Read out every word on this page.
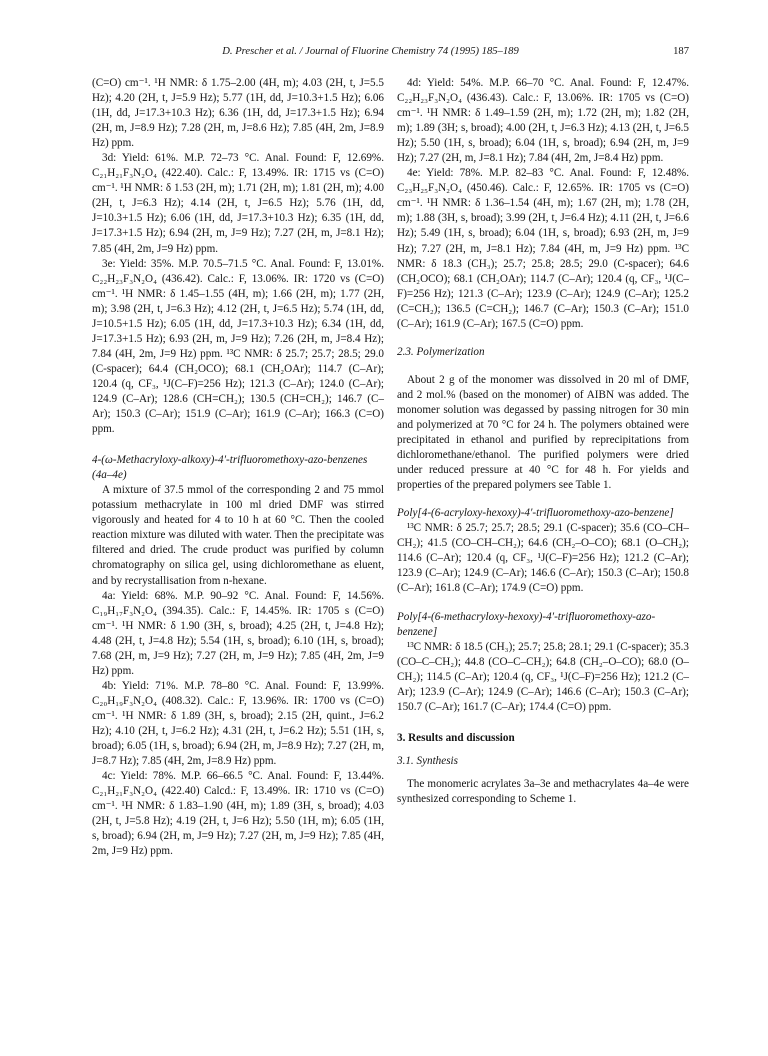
D. Prescher et al. / Journal of Fluorine Chemistry 74 (1995) 185–189	187

(C=O) cm⁻¹. ¹H NMR: δ 1.75–2.00 (4H, m); 4.03 (2H, t, J=5.5 Hz); 4.20 (2H, t, J=5.9 Hz); 5.77 (1H, dd, J=10.3+1.5 Hz); 6.06 (1H, dd, J=17.3+10.3 Hz); 6.36 (1H, dd, J=17.3+1.5 Hz); 6.94 (2H, m, J=8.9 Hz); 7.28 (2H, m, J=8.6 Hz); 7.85 (4H, 2m, J=8.9 Hz) ppm.

3d: Yield: 61%. M.P. 72–73 °C. Anal. Found: F, 12.69%. C₂₁H₂₁F₃N₂O₄ (422.40). Calc.: F, 13.49%. IR: 1715 vs (C=O) cm⁻¹. ¹H NMR: δ 1.53 (2H, m); 1.71 (2H, m); 1.81 (2H, m); 4.00 (2H, t, J=6.3 Hz); 4.14 (2H, t, J=6.5 Hz); 5.76 (1H, dd, J=10.3+1.5 Hz); 6.06 (1H, dd, J=17.3+10.3 Hz); 6.35 (1H, dd, J=17.3+1.5 Hz); 6.94 (2H, m, J=9 Hz); 7.27 (2H, m, J=8.1 Hz); 7.85 (4H, 2m, J=9 Hz) ppm.

3e: Yield: 35%. M.P. 70.5–71.5 °C. Anal. Found: F, 13.01%. C₂₂H₂₃F₃N₂O₄ (436.42). Calc.: F, 13.06%. IR: 1720 vs (C=O) cm⁻¹. ¹H NMR: δ 1.45–1.55 (4H, m); 1.66 (2H, m); 1.77 (2H, m); 3.98 (2H, t, J=6.3 Hz); 4.12 (2H, t, J=6.5 Hz); 5.74 (1H, dd, J=10.5+1.5 Hz); 6.05 (1H, dd, J=17.3+10.3 Hz); 6.34 (1H, dd, J=17.3+1.5 Hz); 6.93 (2H, m, J=9 Hz); 7.26 (2H, m, J=8.4 Hz); 7.84 (4H, 2m, J=9 Hz) ppm. ¹³C NMR: δ 25.7; 25.7; 28.5; 29.0 (C-spacer); 64.4 (CH₂OCO); 68.1 (CH₂OAr); 114.7 (C–Ar); 120.4 (q, CF₃, ¹J(C–F)=256 Hz); 121.3 (C–Ar); 124.0 (C–Ar); 124.9 (C–Ar); 128.6 (CH=CH₂); 130.5 (CH=CH₂); 146.7 (C–Ar); 150.3 (C–Ar); 151.9 (C–Ar); 161.9 (C–Ar); 166.3 (C=O) ppm.

4-(ω-Methacryloxy-alkoxy)-4′-trifluoromethoxy-azo-benzenes (4a–4e)

A mixture of 37.5 mmol of the corresponding 2 and 75 mmol potassium methacrylate in 100 ml dried DMF was stirred vigorously and heated for 4 to 10 h at 60 °C. Then the cooled reaction mixture was diluted with water. Then the precipitate was filtered and dried. The crude product was purified by column chromatography on silica gel, using dichloromethane as eluent, and by recrystallisation from n-hexane.

4a: Yield: 68%. M.P. 90–92 °C. Anal. Found: F, 14.56%. C₁₉H₁₇F₃N₂O₄ (394.35). Calc.: F, 14.45%. IR: 1705 s (C=O) cm⁻¹. ¹H NMR: δ 1.90 (3H, s, broad); 4.25 (2H, t, J=4.8 Hz); 4.48 (2H, t, J=4.8 Hz); 5.54 (1H, s, broad); 6.10 (1H, s, broad); 7.68 (2H, m, J=9 Hz); 7.27 (2H, m, J=9 Hz); 7.85 (4H, 2m, J=9 Hz) ppm.

4b: Yield: 71%. M.P. 78–80 °C. Anal. Found: F, 13.99%. C₂₀H₁₉F₃N₂O₄ (408.32). Calc.: F, 13.96%. IR: 1700 vs (C=O) cm⁻¹. ¹H NMR: δ 1.89 (3H, s, broad); 2.15 (2H, quint., J=6.2 Hz); 4.10 (2H, t, J=6.2 Hz); 4.31 (2H, t, J=6.2 Hz); 5.51 (1H, s, broad); 6.05 (1H, s, broad); 6.94 (2H, m, J=8.9 Hz); 7.27 (2H, m, J=8.7 Hz); 7.85 (4H, 2m, J=8.9 Hz) ppm.

4c: Yield: 78%. M.P. 66–66.5 °C. Anal. Found: F, 13.44%. C₂₁H₂₁F₃N₂O₄ (422.40) Calcd.: F, 13.49%. IR: 1710 vs (C=O) cm⁻¹. ¹H NMR: δ 1.83–1.90 (4H, m); 1.89 (3H, s, broad); 4.03 (2H, t, J=5.8 Hz); 4.19 (2H, t, J=6 Hz); 5.50 (1H, m); 6.05 (1H, s, broad); 6.94 (2H, m, J=9 Hz); 7.27 (2H, m, J=9 Hz); 7.85 (4H, 2m, J=9 Hz) ppm.

4d: Yield: 54%. M.P. 66–70 °C. Anal. Found: F, 12.47%. C₂₂H₂₃F₃N₂O₄ (436.43). Calc.: F, 13.06%. IR: 1705 vs (C=O) cm⁻¹. ¹H NMR: δ 1.49–1.59 (2H, m); 1.72 (2H, m); 1.82 (2H, m); 1.89 (3H; s, broad); 4.00 (2H, t, J=6.3 Hz); 4.13 (2H, t, J=6.5 Hz); 5.50 (1H, s, broad); 6.04 (1H, s, broad); 6.94 (2H, m, J=9 Hz); 7.27 (2H, m, J=8.1 Hz); 7.84 (4H, 2m, J=8.4 Hz) ppm.

4e: Yield: 78%. M.P. 82–83 °C. Anal. Found: F, 12.48%. C₂₃H₂₅F₃N₂O₄ (450.46). Calc.: F, 12.65%. IR: 1705 vs (C=O) cm⁻¹. ¹H NMR: δ 1.36–1.54 (4H, m); 1.67 (2H, m); 1.78 (2H, m); 1.88 (3H, s, broad); 3.99 (2H, t, J=6.4 Hz); 4.11 (2H, t, J=6.6 Hz); 5.49 (1H, s, broad); 6.04 (1H, s, broad); 6.93 (2H, m, J=9 Hz); 7.27 (2H, m, J=8.1 Hz); 7.84 (4H, m, J=9 Hz) ppm. ¹³C NMR: δ 18.3 (CH₃); 25.7; 25.8; 28.5; 29.0 (C-spacer); 64.6 (CH₂OCO); 68.1 (CH₂OAr); 114.7 (C–Ar); 120.4 (q, CF₃, ¹J(C–F)=256 Hz); 121.3 (C–Ar); 123.9 (C–Ar); 124.9 (C–Ar); 125.2 (C=CH₂); 136.5 (C=CH₂); 146.7 (C–Ar); 150.3 (C–Ar); 151.0 (C–Ar); 161.9 (C–Ar); 167.5 (C=O) ppm.

2.3. Polymerization

About 2 g of the monomer was dissolved in 20 ml of DMF, and 2 mol.% (based on the monomer) of AIBN was added. The monomer solution was degassed by passing nitrogen for 30 min and polymerized at 70 °C for 24 h. The polymers obtained were precipitated in ethanol and purified by reprecipitations from dichloromethane/ethanol. The purified polymers were dried under reduced pressure at 40 °C for 48 h. For yields and properties of the prepared polymers see Table 1.

Poly[4-(6-acryloxy-hexoxy)-4′-trifluoromethoxy-azo-benzene]

¹³C NMR: δ 25.7; 25.7; 28.5; 29.1 (C-spacer); 35.6 (CO–CH–CH₂); 41.5 (CO–CH–CH₂); 64.6 (CH₂–O–CO); 68.1 (O–CH₂); 114.6 (C–Ar); 120.4 (q, CF₃, ¹J(C–F)=256 Hz); 121.2 (C–Ar); 123.9 (C–Ar); 124.9 (C–Ar); 146.6 (C–Ar); 150.3 (C–Ar); 150.8 (C–Ar); 161.8 (C–Ar); 174.9 (C=O) ppm.

Poly[4-(6-methacryloxy-hexoxy)-4′-trifluoromethoxy-azo-benzene]

¹³C NMR: δ 18.5 (CH₃); 25.7; 25.8; 28.1; 29.1 (C-spacer); 35.3 (CO–C–CH₂); 44.8 (CO–C–CH₂); 64.8 (CH₂–O–CO); 68.0 (O–CH₂); 114.5 (C–Ar); 120.4 (q, CF₃, ¹J(C–F)=256 Hz); 121.2 (C–Ar); 123.9 (C–Ar); 124.9 (C–Ar); 146.6 (C–Ar); 150.3 (C–Ar); 150.7 (C–Ar); 161.7 (C–Ar); 174.4 (C=O) ppm.

3. Results and discussion

3.1. Synthesis

The monomeric acrylates 3a–3e and methacrylates 4a–4e were synthesized corresponding to Scheme 1.
